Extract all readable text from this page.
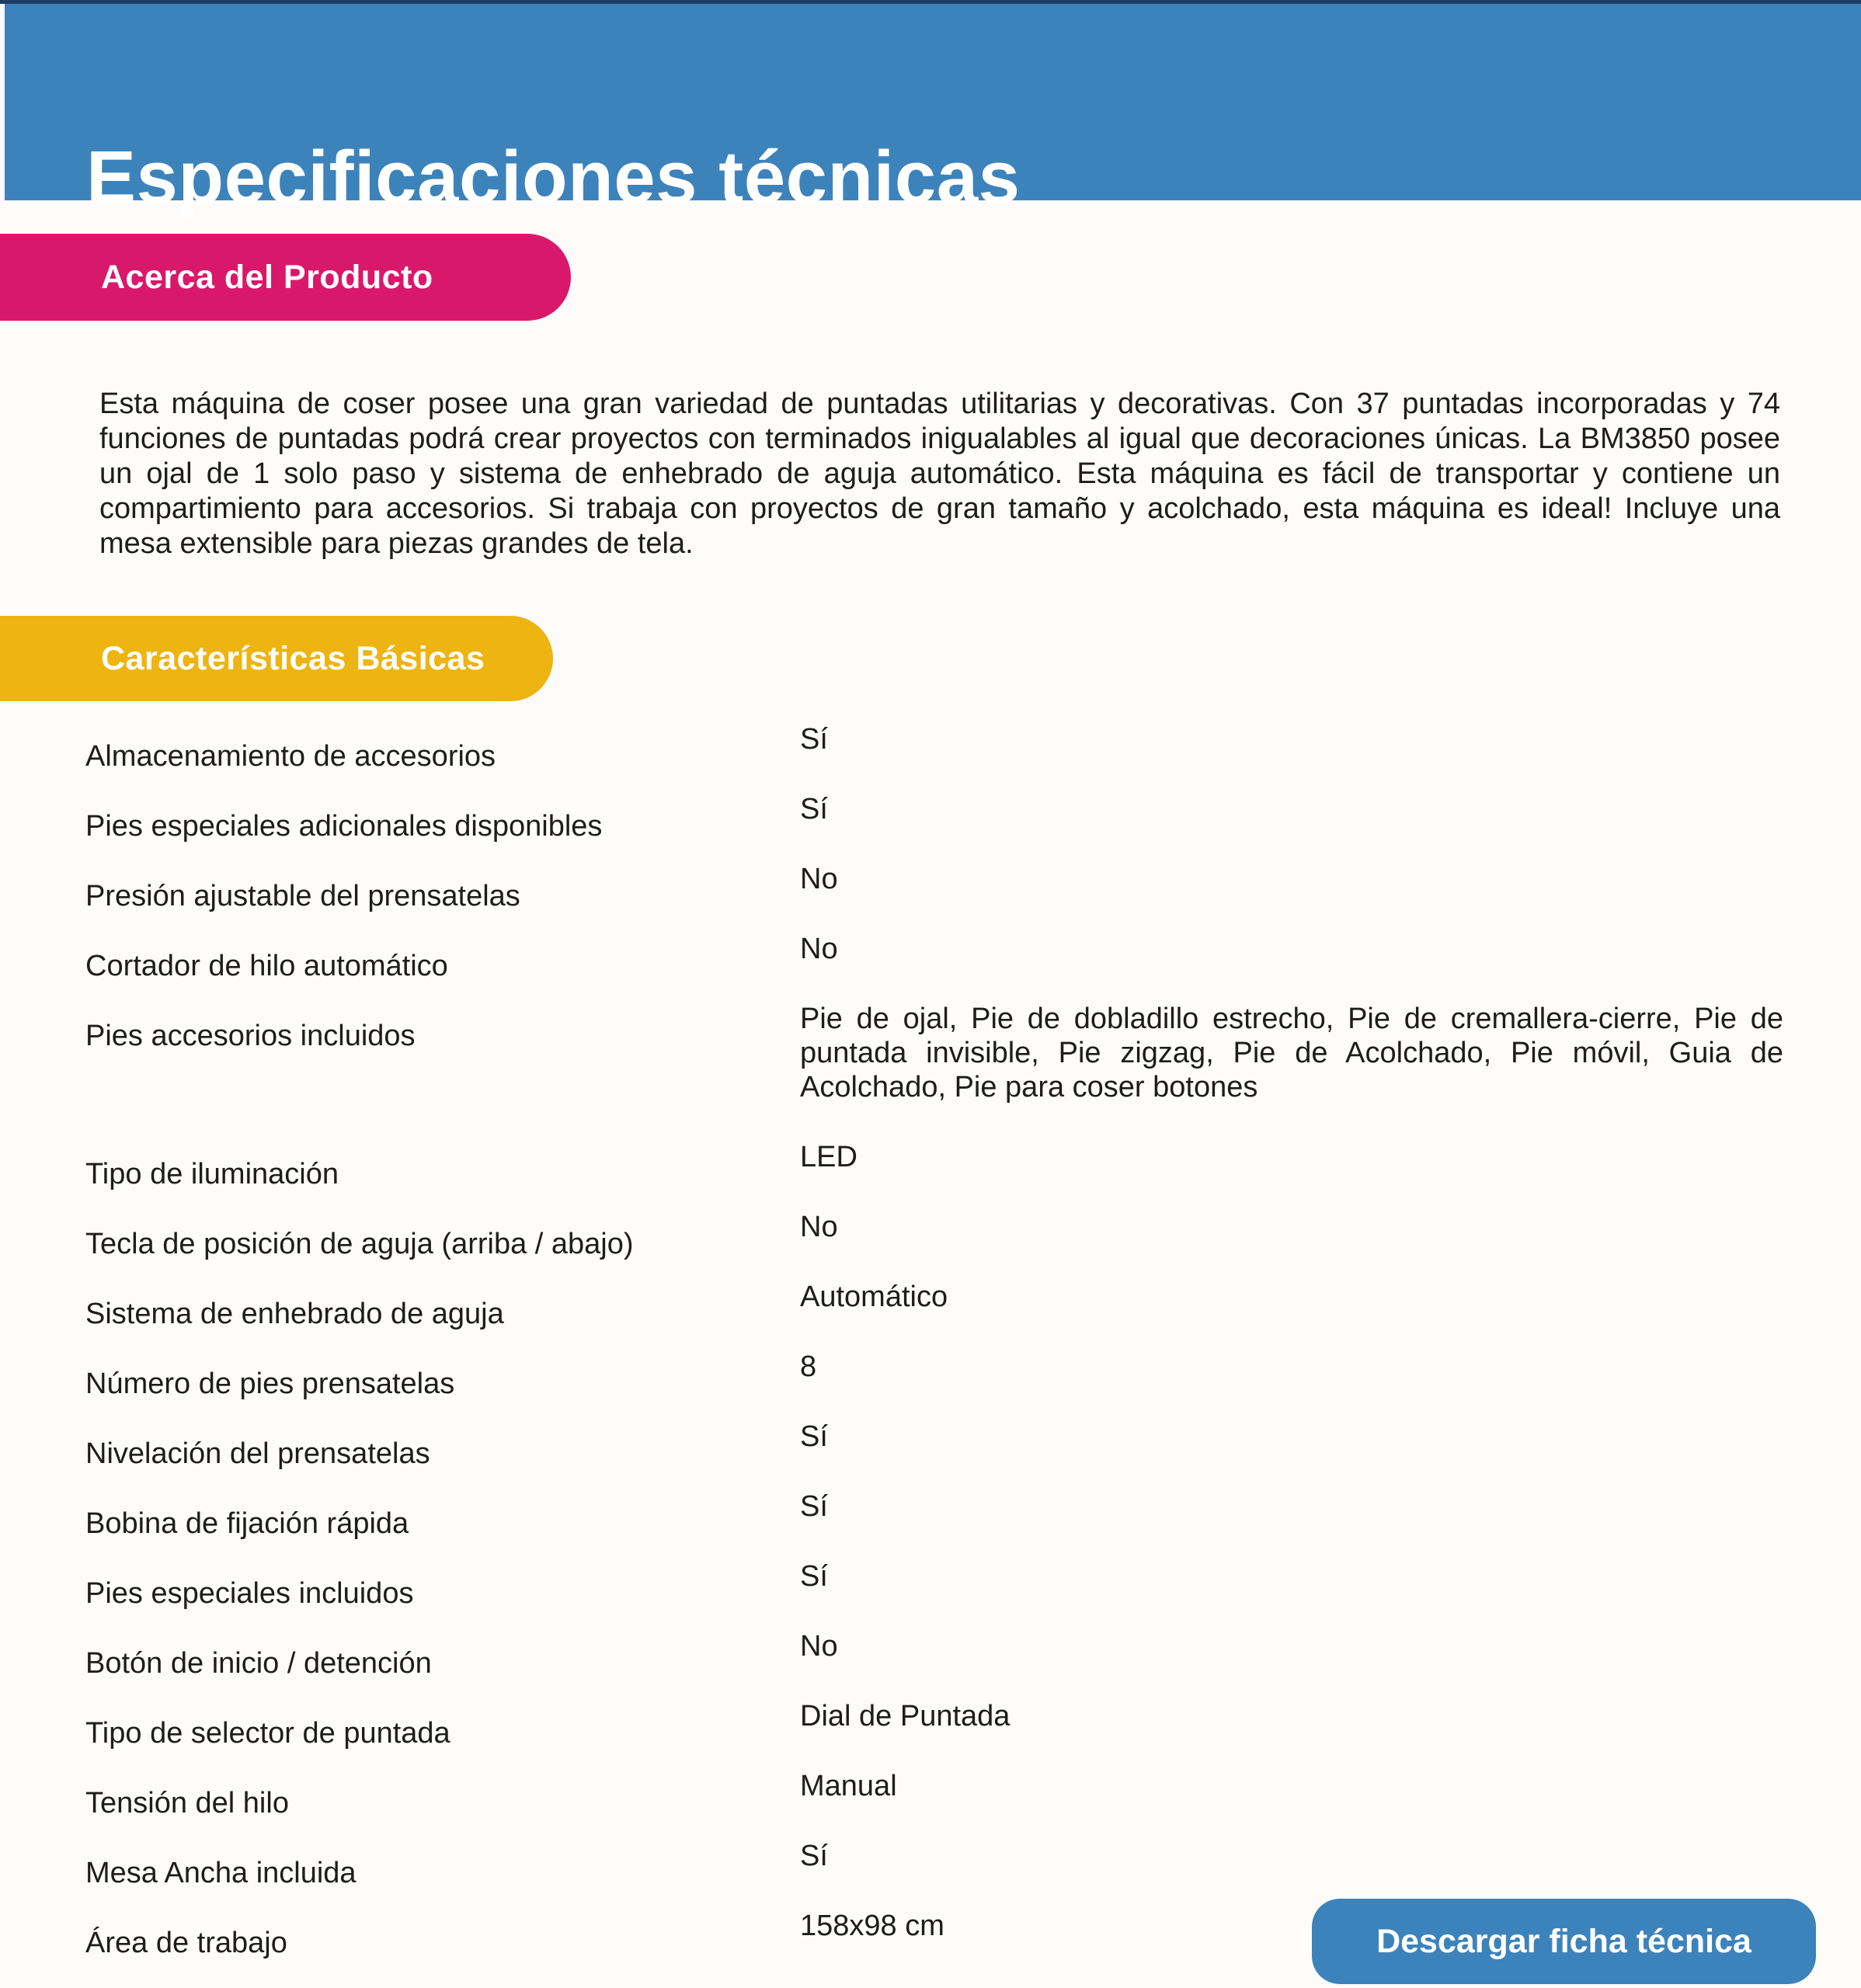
Especificaciones técnicas
Acerca del Producto

Esta máquina de coser posee una gran variedad de puntadas utilitarias y decorativas. Con 37 puntadas incorporadas y 74 funciones de puntadas podrá crear proyectos con terminados inigualables al igual que decoraciones únicas. La BM3850 posee un ojal de 1 solo paso y sistema de enhebrado de aguja automático. Esta máquina es fácil de transportar y contiene un compartimiento para accesorios. Si trabaja con proyectos de gran tamaño y acolchado, esta máquina es ideal! Incluye una mesa extensible para piezas grandes de tela.

Características Básicas
Almacenamiento de accesorios
Sí
Pies especiales adicionales disponibles
Sí
Presión ajustable del prensatelas
No
Cortador de hilo automático
No
Pies accesorios incluidos
Pie de ojal, Pie de dobladillo estrecho, Pie de cremallera-cierre, Pie de puntada invisible, Pie zigzag, Pie de Acolchado, Pie móvil, Guia de Acolchado, Pie para coser botones
Tipo de iluminación
LED
Tecla de posición de aguja (arriba / abajo)
No
Sistema de enhebrado de aguja
Automático
Número de pies prensatelas
8
Nivelación del prensatelas
Sí
Bobina de fijación rápida
Sí
Pies especiales incluidos
Sí
Botón de inicio / detención
No
Tipo de selector de puntada
Dial de Puntada
Tensión del hilo
Manual
Mesa Ancha incluida
Sí
Área de trabajo
158x98 cm	Descargar ficha técnica
